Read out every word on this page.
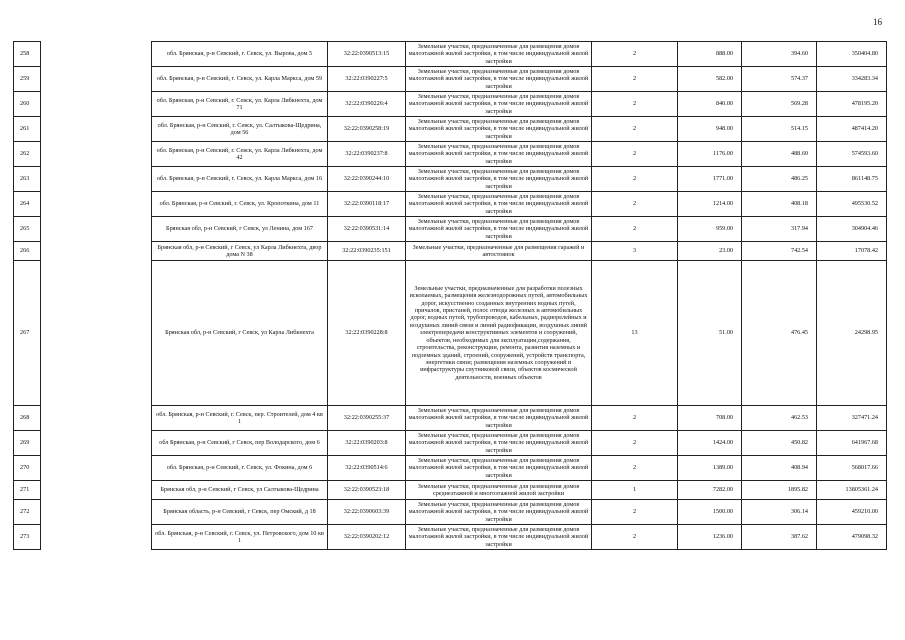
16
258		обл. Брянская, р-н Севский, г. Севск, ул. Вырова, дом 5	32:22:0390513:15	Земельные участки, предназначенные для размещения домов малоэтажной жилой застройки, в том числе индивидуальной жилой застройки	2	888.00	394.60	350404.80
259		обл. Брянская, р-н Севский, г. Севск, ул. Карла Маркса, дом 59	32:22:0390227:5	Земельные участки, предназначенные для размещения домов малоэтажной жилой застройки, в том числе индивидуальной жилой застройки	2	582.00	574.37	334283.34
260		обл. Брянская, р-н Севский, г. Севск, ул. Карла Либкнехта, дом 71	32:22:0390226:4	Земельные участки, предназначенные для размещения домов малоэтажной жилой застройки, в том числе индивидуальной жилой застройки	2	840.00	569.28	478195.20
261		обл. Брянская, р-н Севский, г. Севск, ул. Салтыкова-Щедрина, дом 56	32:22:0390258:19	Земельные участки, предназначенные для размещения домов малоэтажной жилой застройки, в том числе индивидуальной жилой застройки	2	948.00	514.15	487414.20
262		обл. Брянская, р-н Севский, г. Севск, ул. Карла Либкнехта, дом 42	32:22:0390237:8	Земельные участки, предназначенные для размещения домов малоэтажной жилой застройки, в том числе индивидуальной жилой застройки	2	1176.00	488.60	574593.60
263		обл. Брянская, р-н Севский, г. Севск, ул. Карла Маркса, дом 16	32:22:0390244:10	Земельные участки, предназначенные для размещения домов малоэтажной жилой застройки, в том числе индивидуальной жилой застройки	2	1771.00	486.25	861148.75
264		обл. Брянская, р-н Севский, г. Севск, ул. Кропоткина, дом 11	32:22:0390118:17	Земельные участки, предназначенные для размещения домов малоэтажной жилой застройки, в том числе индивидуальной жилой застройки	2	1214.00	408.18	495530.52
265		Брянская обл, р-н Севский, г Севск, ул Ленина, дом 167	32:22:0390531:14	Земельные участки, предназначенные для размещения домов малоэтажной жилой застройки, в том числе индивидуальной жилой застройки	2	959.00	317.94	304904.46
266		Брянская обл, р-н Севский, г Севск, ул Карла Либкнехта, двор дома N 38	32:22:0390235:151	Земельные участки, предназначенные для размещения гаражей и автостоянок	3	23.00	742.54	17078.42
267		Брянская обл, р-н Севский, г Севск, ул Карла Либкнехта	32:22:0390228:8	Земельные участки, предназначенные для разработки полезных ископаемых, размещения железнодорожных путей, автомобильных дорог, искусственно созданных внутренних водных путей, причалов, пристаней, полос отвода железных и автомобильных дорог, водных путей, трубопроводов, кабельных, радиорелейных и воздушных линий связи и линий радиофикации, воздушных линий электропередачи конструктивных элементов и сооружений, объектов, необходимых для эксплуатации,содержания, строительства, реконструкции, ремонта, развития наземных и подземных зданий, строений, сооружений, устройств транспорта, энергетики связи; размещения наземных сооружений и инфраструктуры спутниковой связи, объектов космической деятельности, военных объектов	13	51.00	476.45	24298.95
268		обл. Брянская, р-н Севский, г. Севск, пер. Строителей, дом 4 кв 1	32:22:0390255:37	Земельные участки, предназначенные для размещения домов малоэтажной жилой застройки, в том числе индивидуальной жилой застройки	2	708.00	462.53	327471.24
269		обл Брянская, р-н Севский, г Севск, пер Володарского, дом 6	32:22:0390203:8	Земельные участки, предназначенные для размещения домов малоэтажной жилой застройки, в том числе индивидуальной жилой застройки	2	1424.00	450.82	641967.68
270		обл. Брянская, р-н Севский, г. Севск, ул. Фокина, дом 6	32:22:0390514:6	Земельные участки, предназначенные для размещения домов малоэтажной жилой застройки, в том числе индивидуальной жилой застройки	2	1389.00	408.94	568017.66
271		Брянская обл, р-н Севский, г Севск, ул Салтыкова-Щедрина	32:22:0390523:18	Земельные участки, предназначенные для размещения домов среднеэтажной и многоэтажной жилой застройки	1	7282.00	1895.82	13805361.24
272		Брянская область, р-н Севский, г Севск, пер Омский, д 18	32:22:0390603:39	Земельные участки, предназначенные для размещения домов малоэтажной жилой застройки, в том числе индивидуальной жилой застройки	2	1500.00	306.14	459210.00
273		обл. Брянская, р-н Севский, г. Севск, ул. Петровского, дом 10 кв 1	32:22:0390202:12	Земельные участки, предназначенные для размещения домов малоэтажной жилой застройки, в том числе индивидуальной жилой застройки	2	1236.00	387.62	479098.32
